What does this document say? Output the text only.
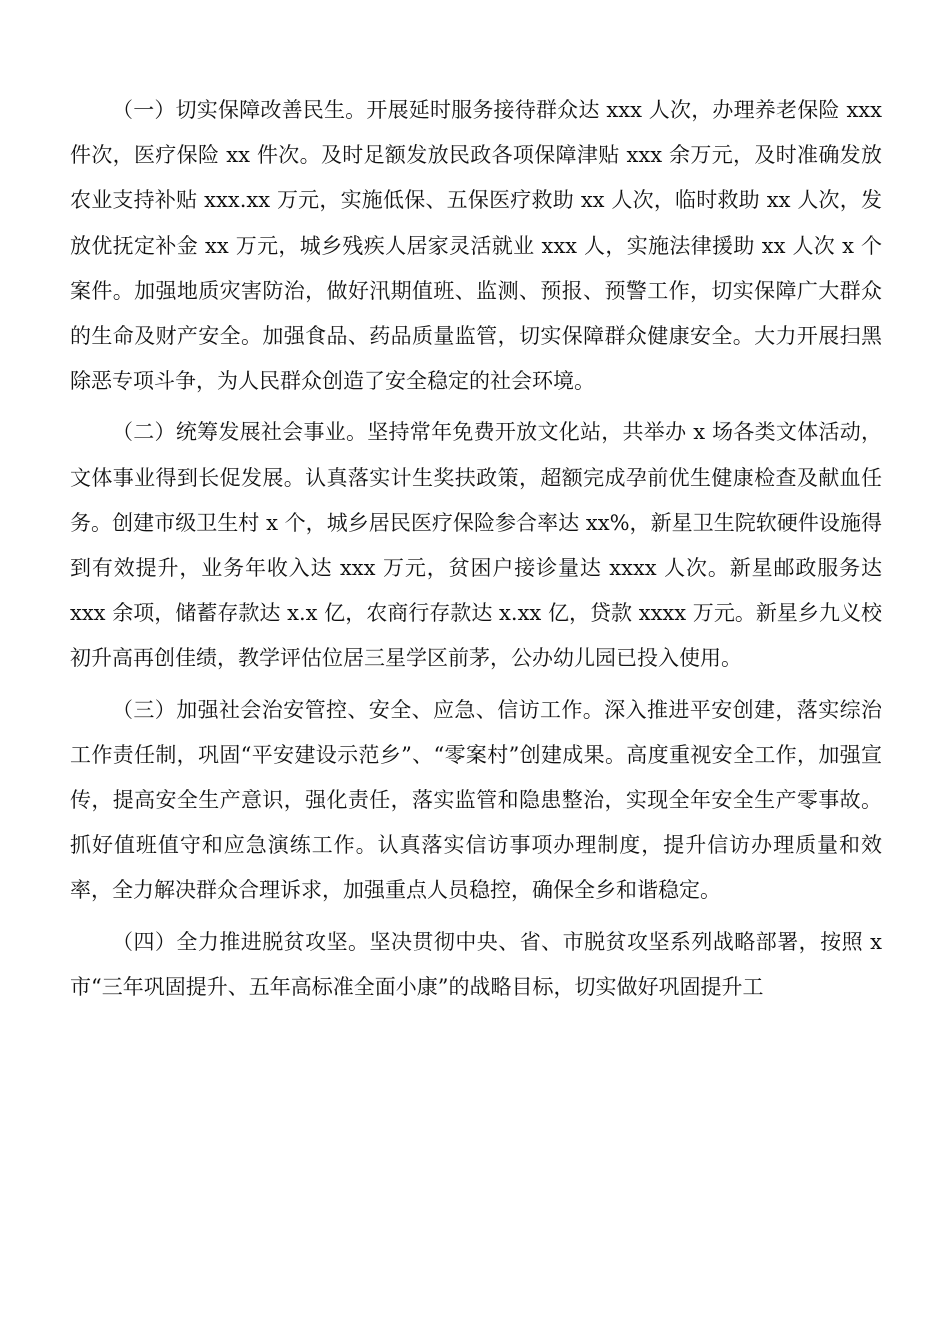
（一）切实保障改善民生。开展延时服务接待群众达 xxx 人次，办理养老保险 xxx 件次，医疗保险 xx 件次。及时足额发放民政各项保障津贴 xxx 余万元，及时准确发放农业支持补贴 xxx.xx 万元，实施低保、五保医疗救助 xx 人次，临时救助 xx 人次，发放优抚定补金 xx 万元，城乡残疾人居家灵活就业 xxx 人，实施法律援助 xx 人次 x 个案件。加强地质灾害防治，做好汛期值班、监测、预报、预警工作，切实保障广大群众的生命及财产安全。加强食品、药品质量监管，切实保障群众健康安全。大力开展扫黑除恶专项斗争，为人民群众创造了安全稳定的社会环境。

（二）统筹发展社会事业。坚持常年免费开放文化站，共举办 x 场各类文体活动，文体事业得到长促发展。认真落实计生奖扶政策，超额完成孕前优生健康检查及献血任务。创建市级卫生村 x 个，城乡居民医疗保险参合率达 xx%，新星卫生院软硬件设施得到有效提升，业务年收入达 xxx 万元，贫困户接诊量达 xxxx 人次。新星邮政服务达 xxx 余项，储蓄存款达 x.x 亿，农商行存款达 x.xx 亿，贷款 xxxx 万元。新星乡九义校初升高再创佳绩，教学评估位居三星学区前茅，公办幼儿园已投入使用。

（三）加强社会治安管控、安全、应急、信访工作。深入推进平安创建，落实综治工作责任制，巩固“平安建设示范乡”、“零案村”创建成果。高度重视安全工作，加强宣传，提高安全生产意识，强化责任，落实监管和隐患整治，实现全年安全生产零事故。抓好值班值守和应急演练工作。认真落实信访事项办理制度，提升信访办理质量和效率，全力解决群众合理诉求，加强重点人员稳控，确保全乡和谐稳定。

（四）全力推进脱贫攻坚。坚决贯彻中央、省、市脱贫攻坚系列战略部署，按照 x 市“三年巩固提升、五年高标准全面小康”的战略目标，切实做好巩固提升工
